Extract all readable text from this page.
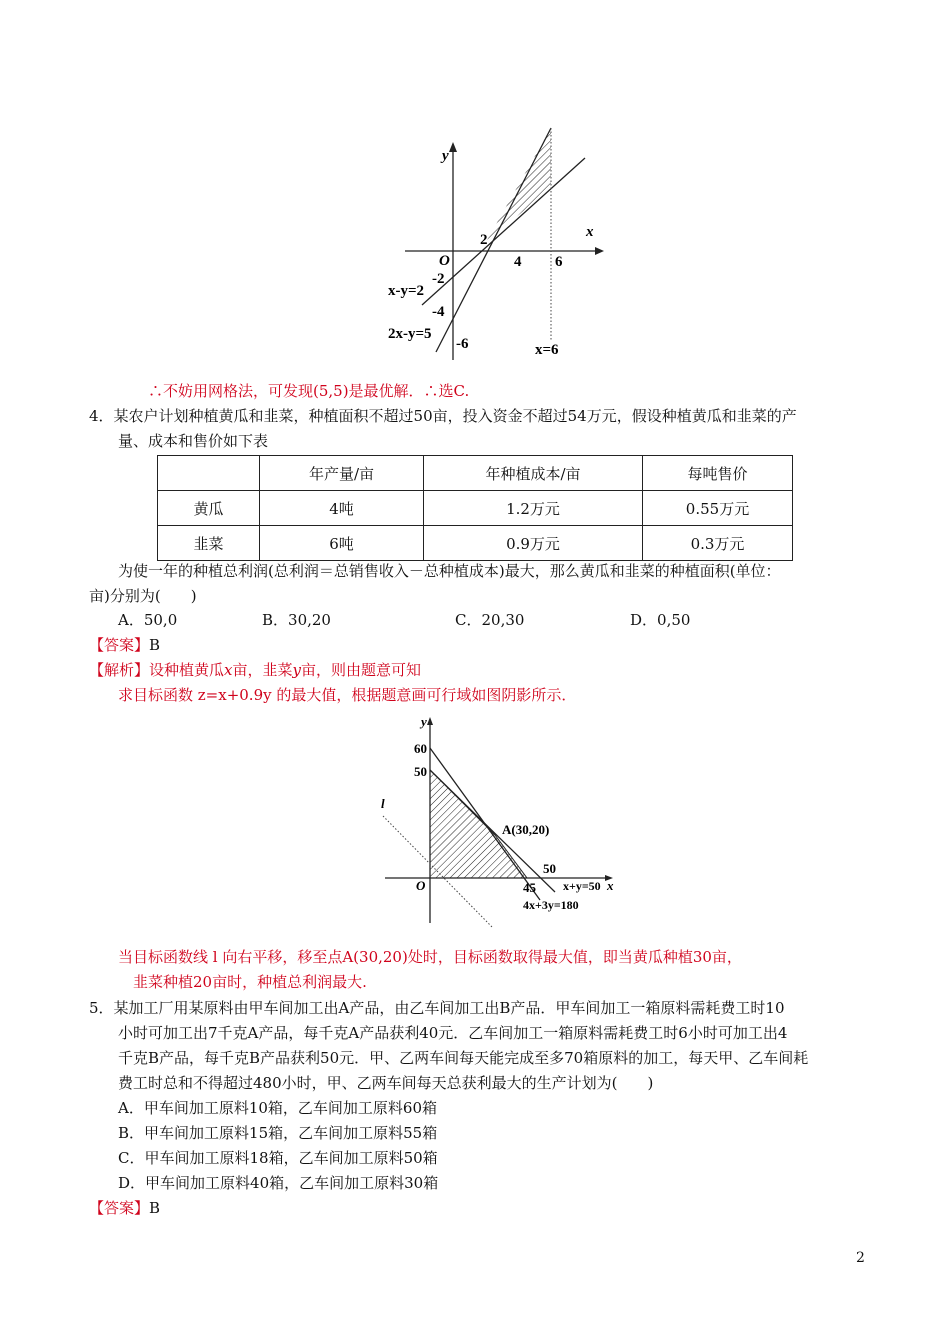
y
x
O
2
4 6
-2
-4
-6
x-y=2
2x-y=5
x=6
∴不妨用网格法，可发现(5,5)是最优解．∴选C.
4．某农户计划种植黄瓜和韭菜，种植面积不超过50亩，投入资金不超过54万元，假设种植黄瓜和韭菜的产
量、成本和售价如下表
	年产量/亩	年种植成本/亩	每吨售价
黄瓜	4吨	1.2万元	0.55万元
韭菜	6吨	0.9万元	0.3万元
为使一年的种植总利润(总利润＝总销售收入－总种植成本)最大，那么黄瓜和韭菜的种植面积(单位：
亩)分别为(　　)
A．50,0	B．30,20	C．20,30	D．0,50
【答案】B
【解析】设种植黄瓜x亩，韭菜y亩，则由题意可知
求目标函数 z=x+0.9y 的最大值，根据题意画可行域如图阴影所示．
y
x
O
l
60
50
50
45
A(30,20)
x+y=50
4x+3y=180
当目标函数线 l 向右平移，移至点A(30,20)处时，目标函数取得最大值，即当黄瓜种植30亩，
韭菜种植20亩时，种植总利润最大.
5．某加工厂用某原料由甲车间加工出A产品，由乙车间加工出B产品．甲车间加工一箱原料需耗费工时10
小时可加工出7千克A产品，每千克A产品获利40元．乙车间加工一箱原料需耗费工时6小时可加工出4
千克B产品，每千克B产品获利50元．甲、乙两车间每天能完成至多70箱原料的加工，每天甲、乙车间耗
费工时总和不得超过480小时，甲、乙两车间每天总获利最大的生产计划为(　　)
A．甲车间加工原料10箱，乙车间加工原料60箱
B．甲车间加工原料15箱，乙车间加工原料55箱
C．甲车间加工原料18箱，乙车间加工原料50箱
D．甲车间加工原料40箱，乙车间加工原料30箱
【答案】B
2
